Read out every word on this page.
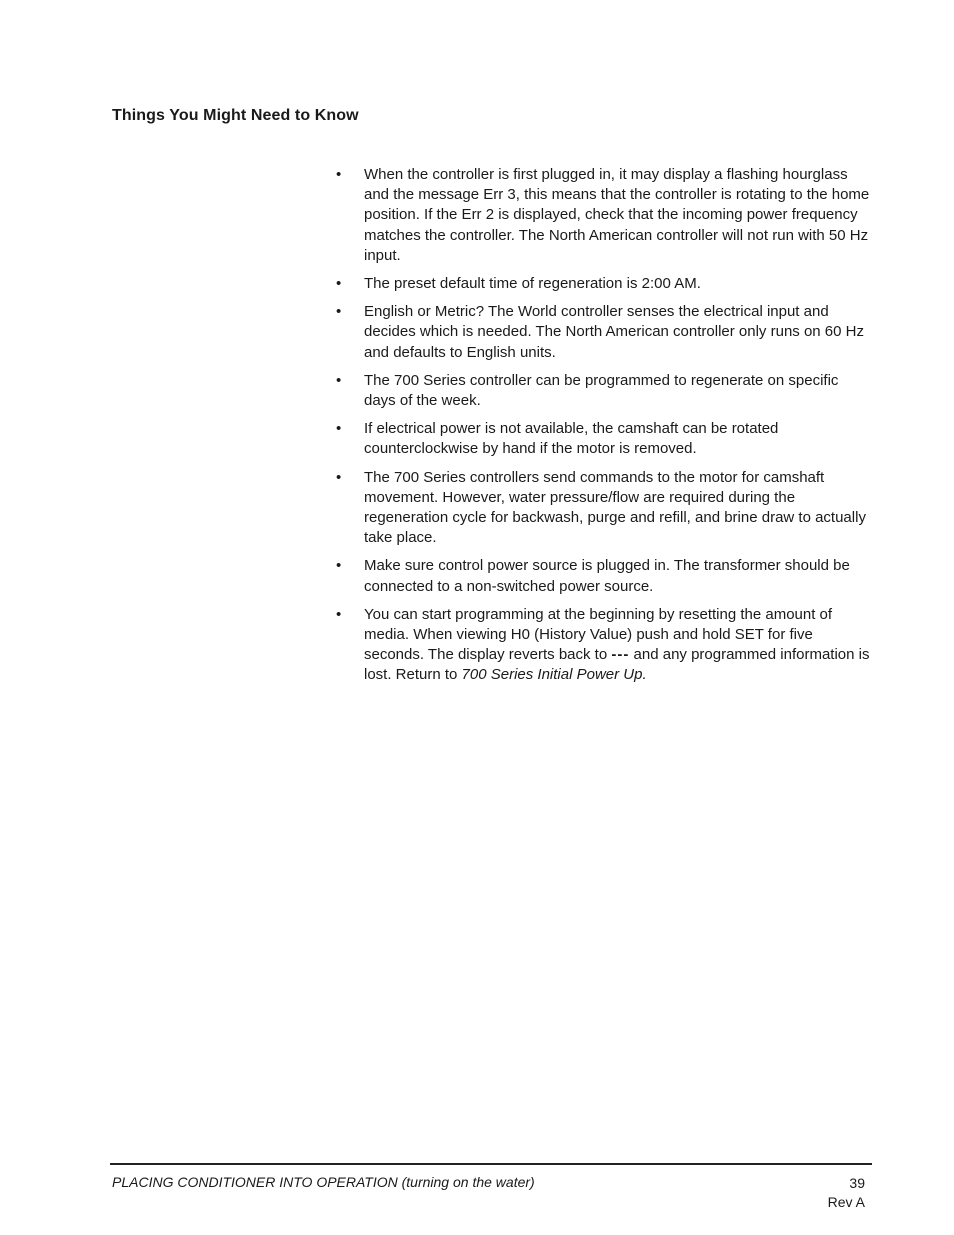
Things You Might Need to Know
• When the controller is first plugged in, it may display a flashing hourglass and the message Err 3, this means that the controller is rotating to the home position. If the Err 2 is displayed, check that the incoming power frequency matches the controller. The North American controller will not run with 50 Hz input.
• The preset default time of regeneration is 2:00 AM.
• English or Metric? The World controller senses the electrical input and decides which is needed. The North American controller only runs on 60 Hz and defaults to English units.
• The 700 Series controller can be programmed to regenerate on specific days of the week.
• If electrical power is not available, the camshaft can be rotated counterclockwise by hand if the motor is removed.
• The 700 Series controllers send commands to the motor for camshaft movement. However, water pressure/flow are required during the regeneration cycle for backwash, purge and refill, and brine draw to actually take place.
• Make sure control power source is plugged in. The transformer should be connected to a non-switched power source.
• You can start programming at the beginning by resetting the amount of media. When viewing H0 (History Value) push and hold SET for five seconds. The display reverts back to --- and any programmed information is lost. Return to 700 Series Initial Power Up.
PLACING CONDITIONER INTO OPERATION (turning on the water)	39
Rev A
